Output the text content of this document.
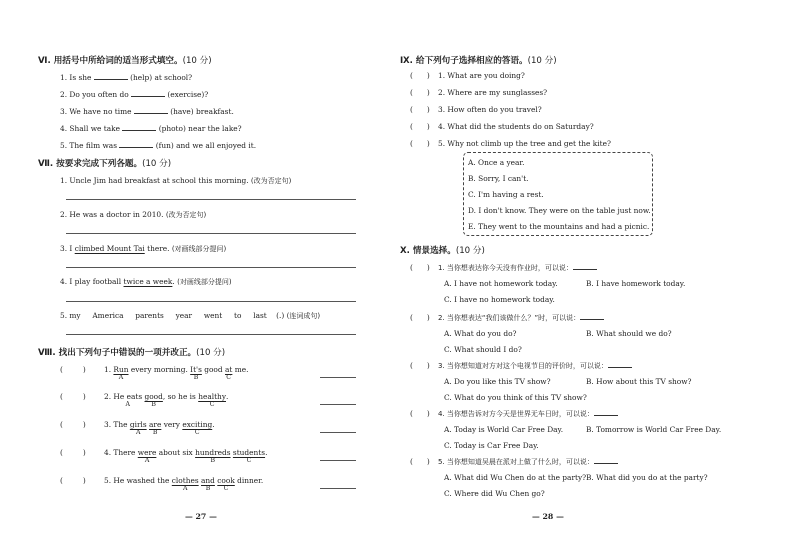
Ⅵ. 用括号中所给词的适当形式填空。(10 分)
1. Is she	(help) at school?
2. Do you often do	(exercise)?
3. We have no time	(have) breakfast.
4. Shall we take	(photo) near the lake?
5. The film was	(fun) and we all enjoyed it.
Ⅶ. 按要求完成下列各题。(10 分)
1. Uncle Jim had breakfast at school this morning. (改为否定句)
2. He was a doctor in 2010. (改为否定句)
3. I climbed Mount Tai there. (对画线部分提问)
4. I play football twice a week. (对画线部分提问)
5. my America parents year went to last (.) (连词成句)
Ⅷ. 找出下列句子中错误的一项并改正。(10 分)
(	) 1. Run
A
every morning. It's
B
good at
C
me.
(	) 2. He eats
A
good
B
, so he is healthy
C
.
(	) 3. The girls
A
are
B
very exciting
C
.
(	) 4. There were
A
about six hundreds
B
students
C
.
(	) 5. He washed the clothes
A
and
B
cook
C
dinner.
— 27 —
Ⅸ. 给下列句子选择相应的答语。(10 分)
( ) 1. What are you doing?
( ) 2. Where are my sunglasses?
( ) 3. How often do you travel?
( ) 4. What did the students do on Saturday?
( ) 5. Why not climb up the tree and get the kite?
A. Once a year.
B. Sorry, I can't.
C. I'm having a rest.
D. I don't know. They were on the table just now.
E. They went to the mountains and had a picnic.
Ⅹ. 情景选择。(10 分)
( ) 1. 当你想表达你今天没有作业时，可以说：
A. I have not homework today.	B. I have homework today.
C. I have no homework today.
( ) 2. 当你想表达“我们该做什么？”时，可以说：
A. What do you do?	B. What should we do?
C. What should I do?
( ) 3. 当你想知道对方对这个电视节目的评价时，可以说：
A. Do you like this TV show?	B. How about this TV show?
C. What do you think of this TV show?
( ) 4. 当你想告诉对方今天是世界无车日时，可以说：
A. Today is World Car Free Day.	B. Tomorrow is World Car Free Day.
C. Today is Car Free Day.
( ) 5. 当你想知道吴晨在派对上做了什么时，可以说：
A. What did Wu Chen do at the party? B. What did you do at the party?
C. Where did Wu Chen go?
— 28 —
